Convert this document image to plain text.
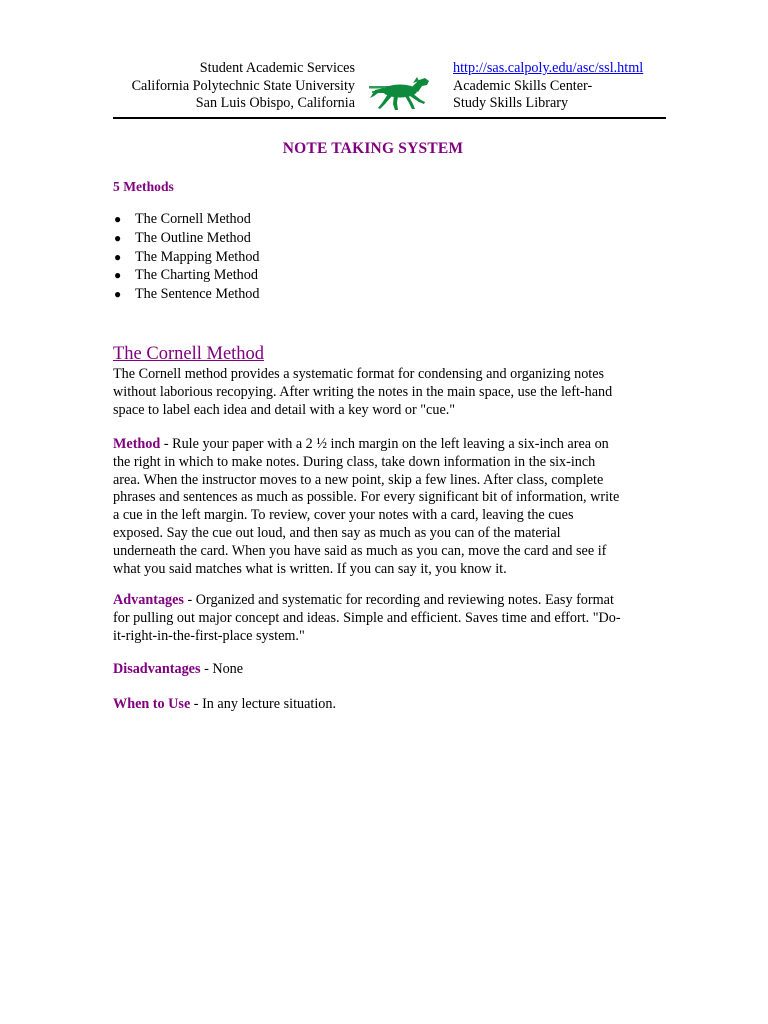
Student Academic Services
California Polytechnic State University
San Luis Obispo, California
http://sas.calpoly.edu/asc/ssl.html
Academic Skills Center-
Study Skills Library
NOTE TAKING SYSTEM
5 Methods
● The Cornell Method
● The Outline Method
● The Mapping Method
● The Charting Method
● The Sentence Method
The Cornell Method
The Cornell method provides a systematic format for condensing and organizing notes
without laborious recopying. After writing the notes in the main space, use the left-hand
space to label each idea and detail with a key word or "cue."
Method - Rule your paper with a 2 ½ inch margin on the left leaving a six-inch area on
the right in which to make notes. During class, take down information in the six-inch
area. When the instructor moves to a new point, skip a few lines. After class, complete
phrases and sentences as much as possible. For every significant bit of information, write
a cue in the left margin. To review, cover your notes with a card, leaving the cues
exposed. Say the cue out loud, and then say as much as you can of the material
underneath the card. When you have said as much as you can, move the card and see if
what you said matches what is written. If you can say it, you know it.
Advantages - Organized and systematic for recording and reviewing notes. Easy format
for pulling out major concept and ideas. Simple and efficient. Saves time and effort. "Do-
it-right-in-the-first-place system."
Disadvantages - None
When to Use - In any lecture situation.
